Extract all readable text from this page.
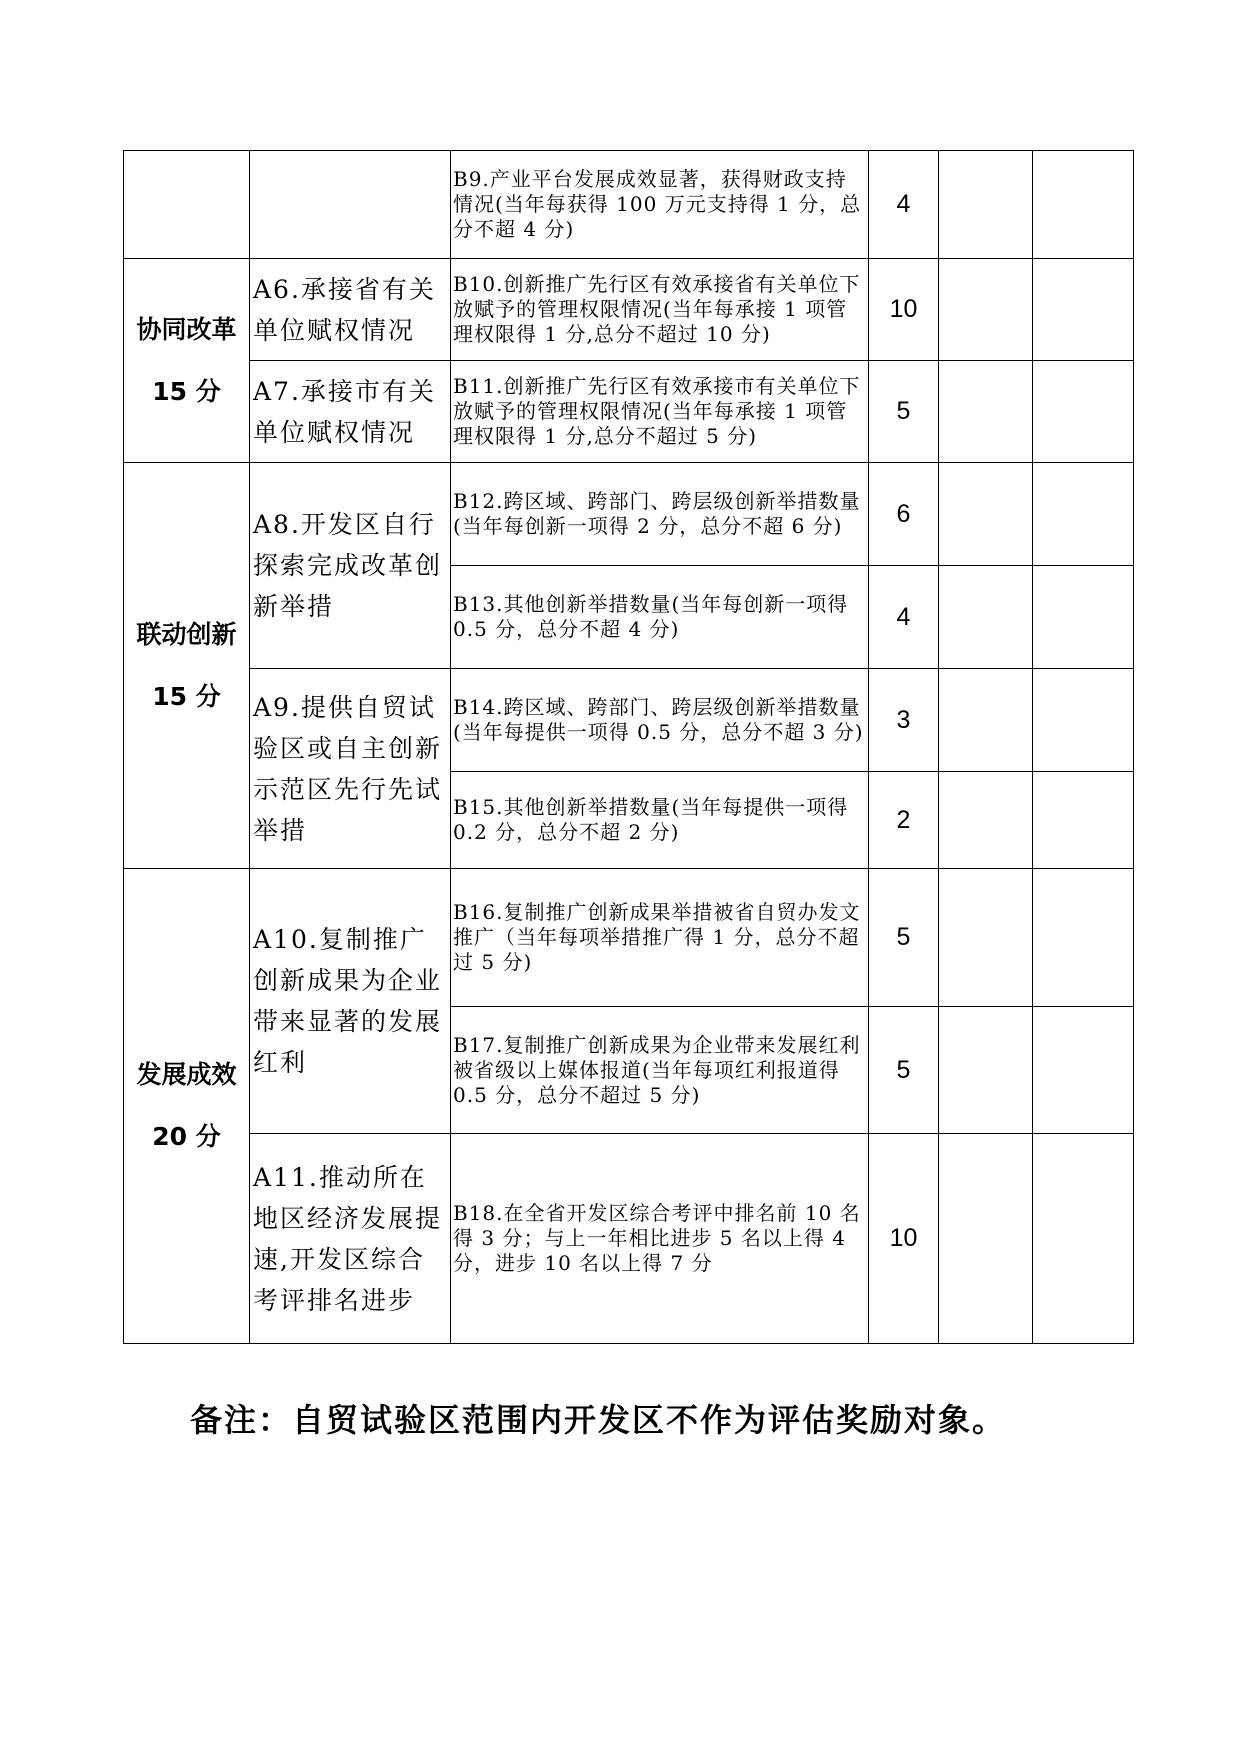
		B9.产业平台发展成效显著，获得财政支持情况(当年每获得 100 万元支持得 1 分，总分不超 4 分)	4		

协同改革
15 分	A6.承接省有关单位赋权情况	B10.创新推广先行区有效承接省有关单位下放赋予的管理权限情况(当年每承接 1 项管理权限得 1 分,总分不超过 10 分)	10		
	A7.承接市有关单位赋权情况	B11.创新推广先行区有效承接市有关单位下放赋予的管理权限情况(当年每承接 1 项管理权限得 1 分,总分不超过 5 分)	5		

联动创新
15 分	A8.开发区自行探索完成改革创新举措	B12.跨区域、跨部门、跨层级创新举措数量(当年每创新一项得 2 分，总分不超 6 分)	6		
		B13.其他创新举措数量(当年每创新一项得 0.5 分，总分不超 4 分)	4		
	A9.提供自贸试验区或自主创新示范区先行先试举措	B14.跨区域、跨部门、跨层级创新举措数量(当年每提供一项得 0.5 分，总分不超 3 分)	3		
		B15.其他创新举措数量(当年每提供一项得 0.2 分，总分不超 2 分)	2		

发展成效
20 分	A10.复制推广创新成果为企业带来显著的发展红利	B16.复制推广创新成果举措被省自贸办发文推广（当年每项举措推广得 1 分，总分不超过 5 分)	5		
		B17.复制推广创新成果为企业带来发展红利被省级以上媒体报道(当年每项红利报道得 0.5 分，总分不超过 5 分)	5		
	A11.推动所在地区经济发展提速,开发区综合考评排名进步	B18.在全省开发区综合考评中排名前 10 名得 3 分；与上一年相比进步 5 名以上得 4 分，进步 10 名以上得 7 分	10		
备注：自贸试验区范围内开发区不作为评估奖励对象。
